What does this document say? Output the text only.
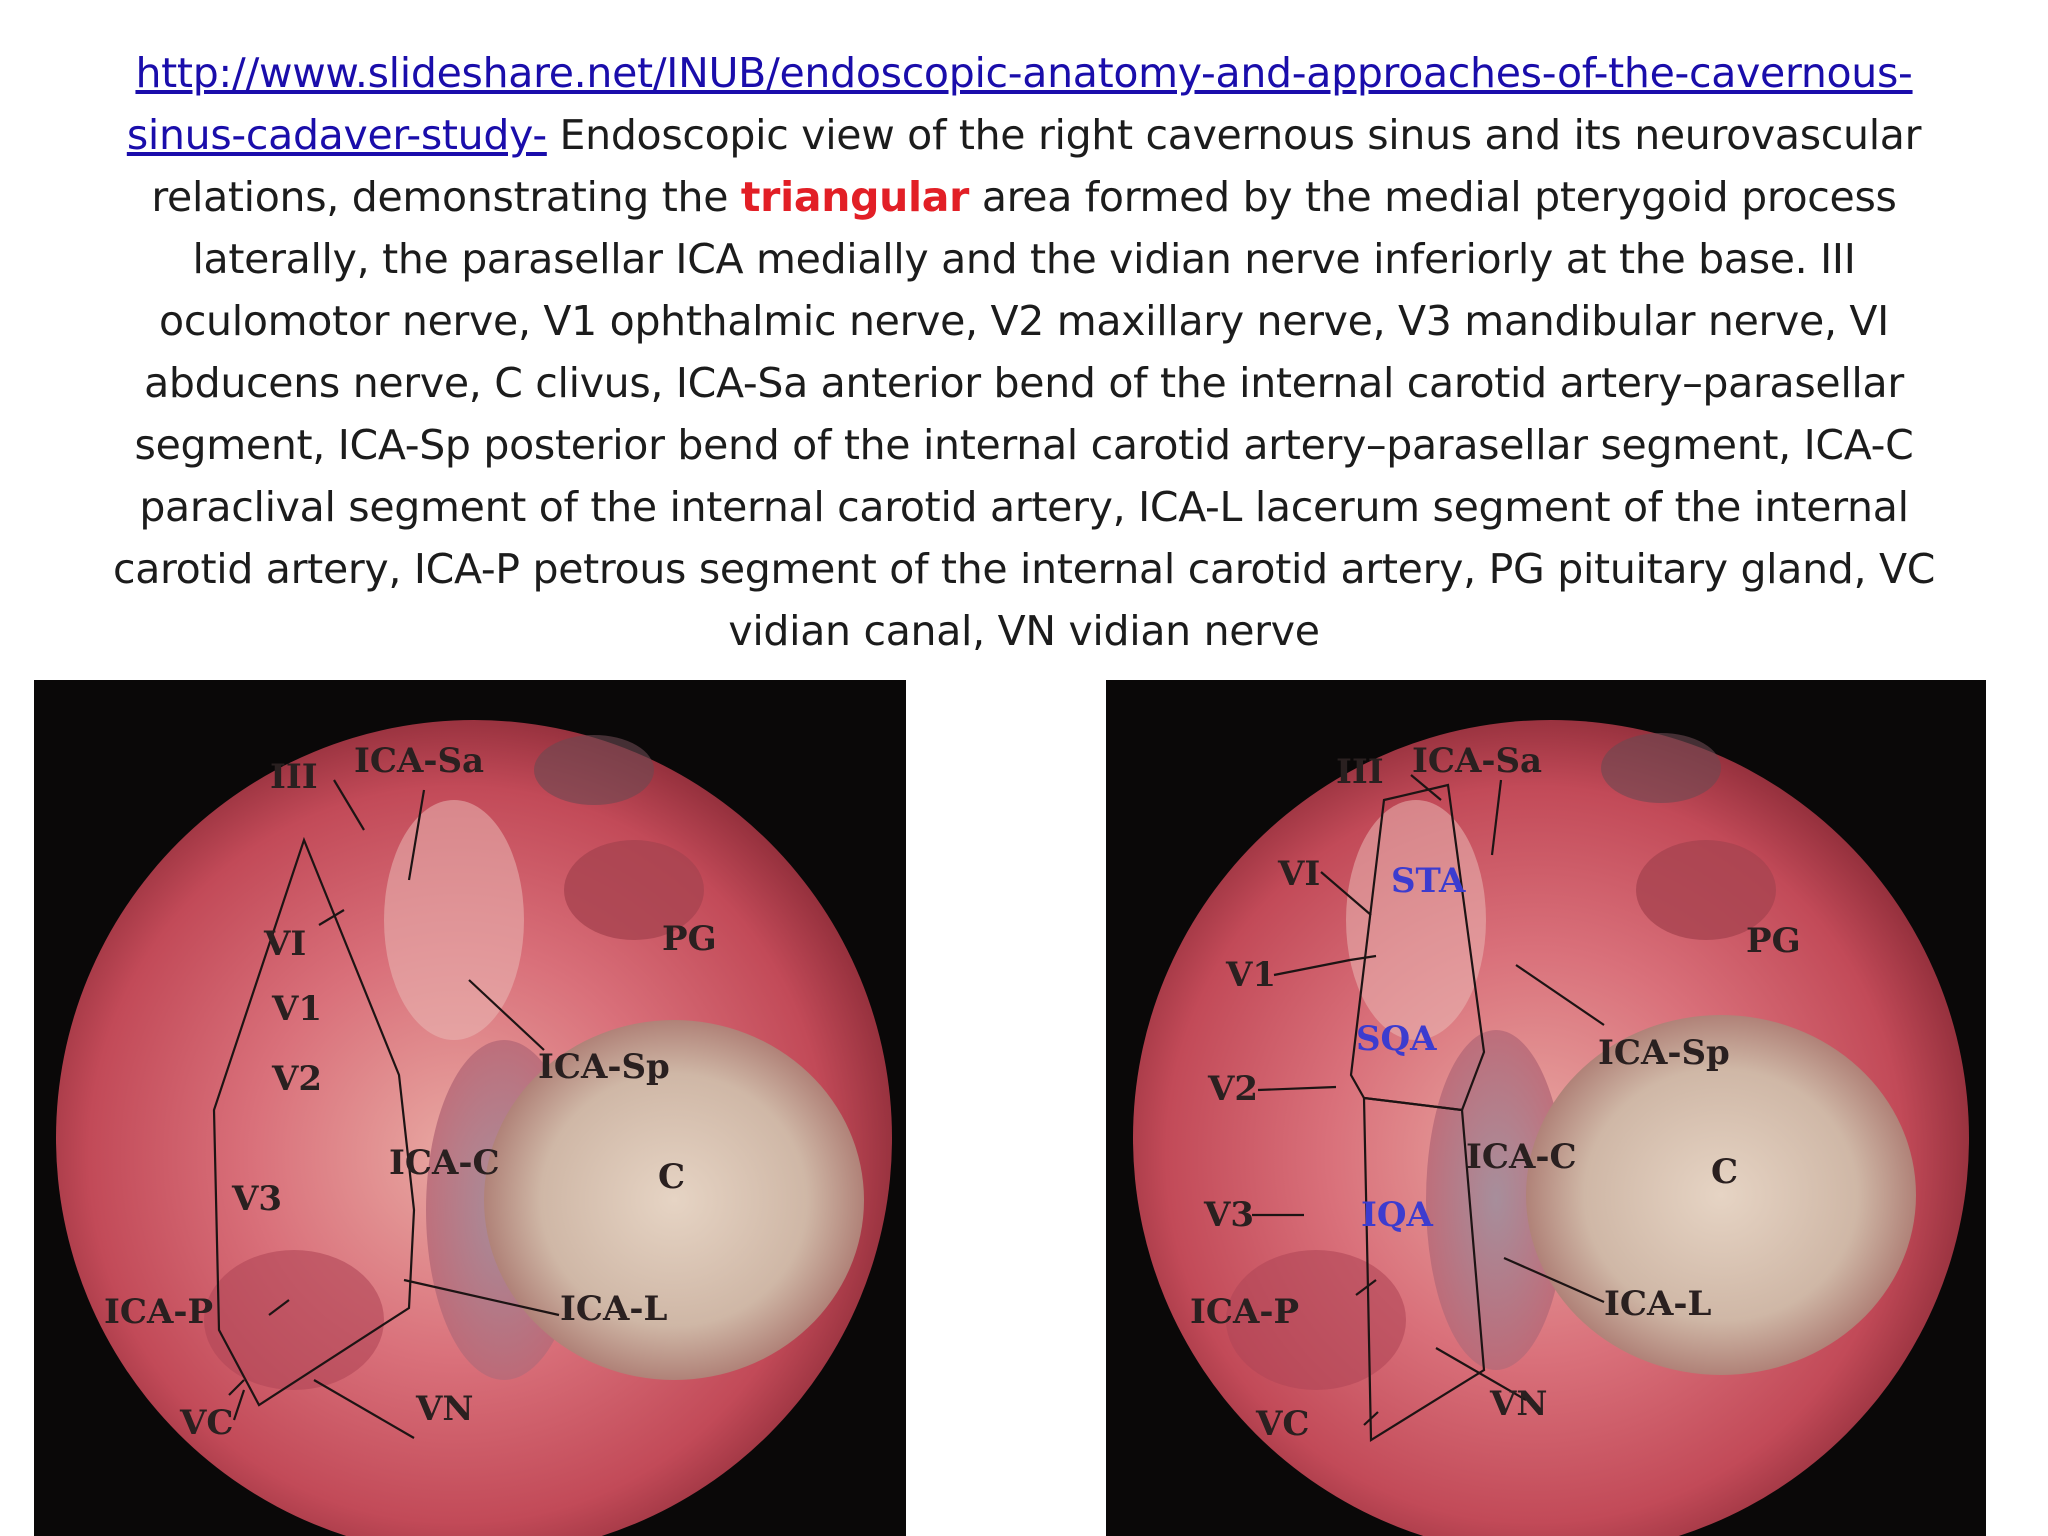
http://www.slideshare.net/INUB/endoscopic-anatomy-and-approaches-of-the-cavernous-sinus-cadaver-study- Endoscopic view of the right cavernous sinus and its neurovascular relations, demonstrating the triangular area formed by the medial pterygoid process laterally, the parasellar ICA medially and the vidian nerve inferiorly at the base. III oculomotor nerve, V1 ophthalmic nerve, V2 maxillary nerve, V3 mandibular nerve, VI abducens nerve, C clivus, ICA-Sa anterior bend of the internal carotid artery–parasellar segment, ICA-Sp posterior bend of the internal carotid artery–parasellar segment, ICA-C paraclival segment of the internal carotid artery, ICA-L lacerum segment of the internal carotid artery, ICA-P petrous segment of the internal carotid artery, PG pituitary gland, VC vidian canal, VN vidian nerve
III ICA-Sa
VI
V1
V2
PG
ICA-Sp
ICA-C	C
V3
ICA-P	ICA-L
VC	VN
III ICA-Sa
VI STA
V1
PG
SQA	ICA-Sp
V2
ICA-C	C
V3	IQA
ICA-P	ICA-L
VC	VN
